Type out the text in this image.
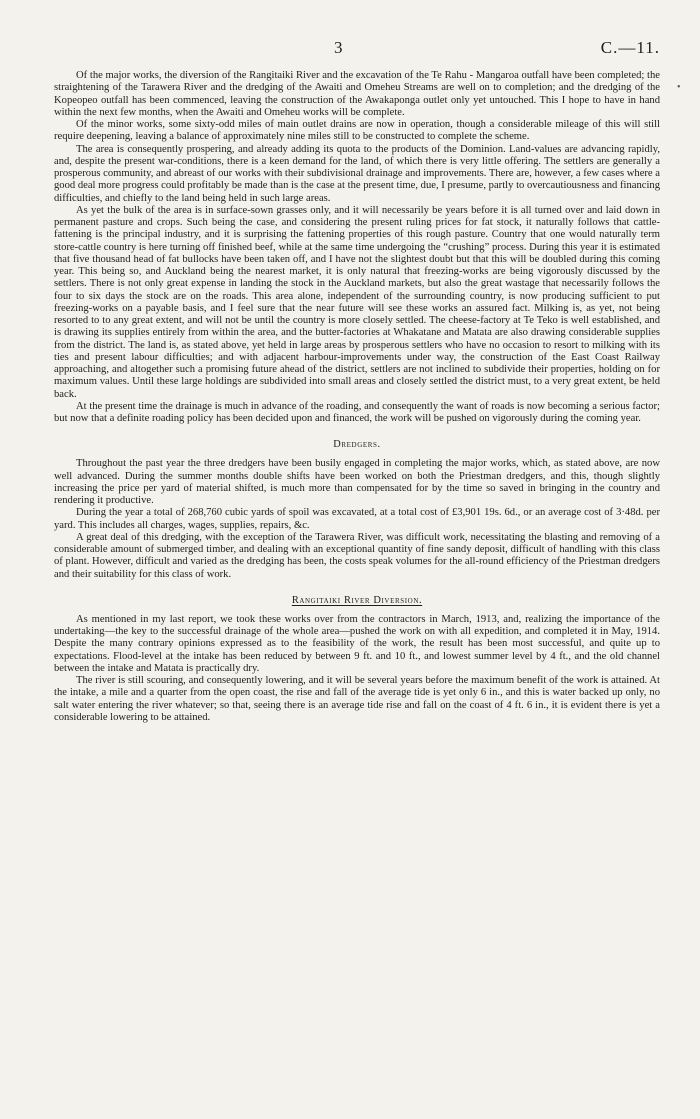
•
3	C.—11.

Of the major works, the diversion of the Rangitaiki River and the excavation of the Te Rahu - Mangaroa outfall have been completed; the straightening of the Tarawera River and the dredging of the Awaiti and Omeheu Streams are well on to completion; and the dredging of the Kopeopeo outfall has been commenced, leaving the construction of the Awakaponga outlet only yet untouched. This I hope to have in hand within the next few months, when the Awaiti and Omeheu works will be complete.

Of the minor works, some sixty-odd miles of main outlet drains are now in operation, though a considerable mileage of this will still require deepening, leaving a balance of approximately nine miles still to be constructed to complete the scheme.

The area is consequently prospering, and already adding its quota to the products of the Dominion. Land-values are advancing rapidly, and, despite the present war-conditions, there is a keen demand for the land, of which there is very little offering. The settlers are generally a prosperous community, and abreast of our works with their subdivisional drainage and improvements. There are, however, a few cases where a good deal more progress could profitably be made than is the case at the present time, due, I presume, partly to overcautiousness and financing difficulties, and chiefly to the land being held in such large areas.

As yet the bulk of the area is in surface-sown grasses only, and it will necessarily be years before it is all turned over and laid down in permanent pasture and crops. Such being the case, and considering the present ruling prices for fat stock, it naturally follows that cattle-fattening is the principal industry, and it is surprising the fattening properties of this rough pasture. Country that one would naturally term store-cattle country is here turning off finished beef, while at the same time undergoing the “crushing” process. During this year it is estimated that five thousand head of fat bullocks have been taken off, and I have not the slightest doubt but that this will be doubled during this coming year. This being so, and Auckland being the nearest market, it is only natural that freezing-works are being vigorously discussed by the settlers. There is not only great expense in landing the stock in the Auckland markets, but also the great wastage that necessarily follows the four to six days the stock are on the roads. This area alone, independent of the surrounding country, is now producing sufficient to put freezing-works on a payable basis, and I feel sure that the near future will see these works an assured fact. Milking is, as yet, not being resorted to to any great extent, and will not be until the country is more closely settled. The cheese-factory at Te Teko is well established, and is drawing its supplies entirely from within the area, and the butter-factories at Whakatane and Matata are also drawing considerable supplies from the district. The land is, as stated above, yet held in large areas by prosperous settlers who have no occasion to resort to milking with its ties and present labour difficulties; and with adjacent harbour-improvements under way, the construction of the East Coast Railway approaching, and altogether such a promising future ahead of the district, settlers are not inclined to subdivide their properties, holding on for maximum values. Until these large holdings are subdivided into small areas and closely settled the district must, to a very great extent, be held back.

At the present time the drainage is much in advance of the roading, and consequently the want of roads is now becoming a serious factor; but now that a definite roading policy has been decided upon and financed, the work will be pushed on vigorously during the coming year.

Dredgers.

Throughout the past year the three dredgers have been busily engaged in completing the major works, which, as stated above, are now well advanced. During the summer months double shifts have been worked on both the Priestman dredgers, and this, though slightly increasing the price per yard of material shifted, is much more than compensated for by the time so saved in bringing in the country and rendering it productive.

During the year a total of 268,760 cubic yards of spoil was excavated, at a total cost of £3,901 19s. 6d., or an average cost of 3·48d. per yard. This includes all charges, wages, supplies, repairs, &c.

A great deal of this dredging, with the exception of the Tarawera River, was difficult work, necessitating the blasting and removing of a considerable amount of submerged timber, and dealing with an exceptional quantity of fine sandy deposit, difficult of handling with this class of plant. However, difficult and varied as the dredging has been, the costs speak volumes for the all-round efficiency of the Priestman dredgers and their suitability for this class of work.

Rangitaiki River Diversion.

As mentioned in my last report, we took these works over from the contractors in March, 1913, and, realizing the importance of the undertaking—the key to the successful drainage of the whole area—pushed the work on with all expedition, and completed it in May, 1914. Despite the many contrary opinions expressed as to the feasibility of the work, the result has been most successful, and quite up to expectations. Flood-level at the intake has been reduced by between 9 ft. and 10 ft., and lowest summer level by 4 ft., and the old channel between the intake and Matata is practically dry.

The river is still scouring, and consequently lowering, and it will be several years before the maximum benefit of the work is attained. At the intake, a mile and a quarter from the open coast, the rise and fall of the average tide is yet only 6 in., and this is water backed up only, no salt water entering the river whatever; so that, seeing there is an average tide rise and fall on the coast of 4 ft. 6 in., it is evident there is yet a considerable lowering to be attained.
